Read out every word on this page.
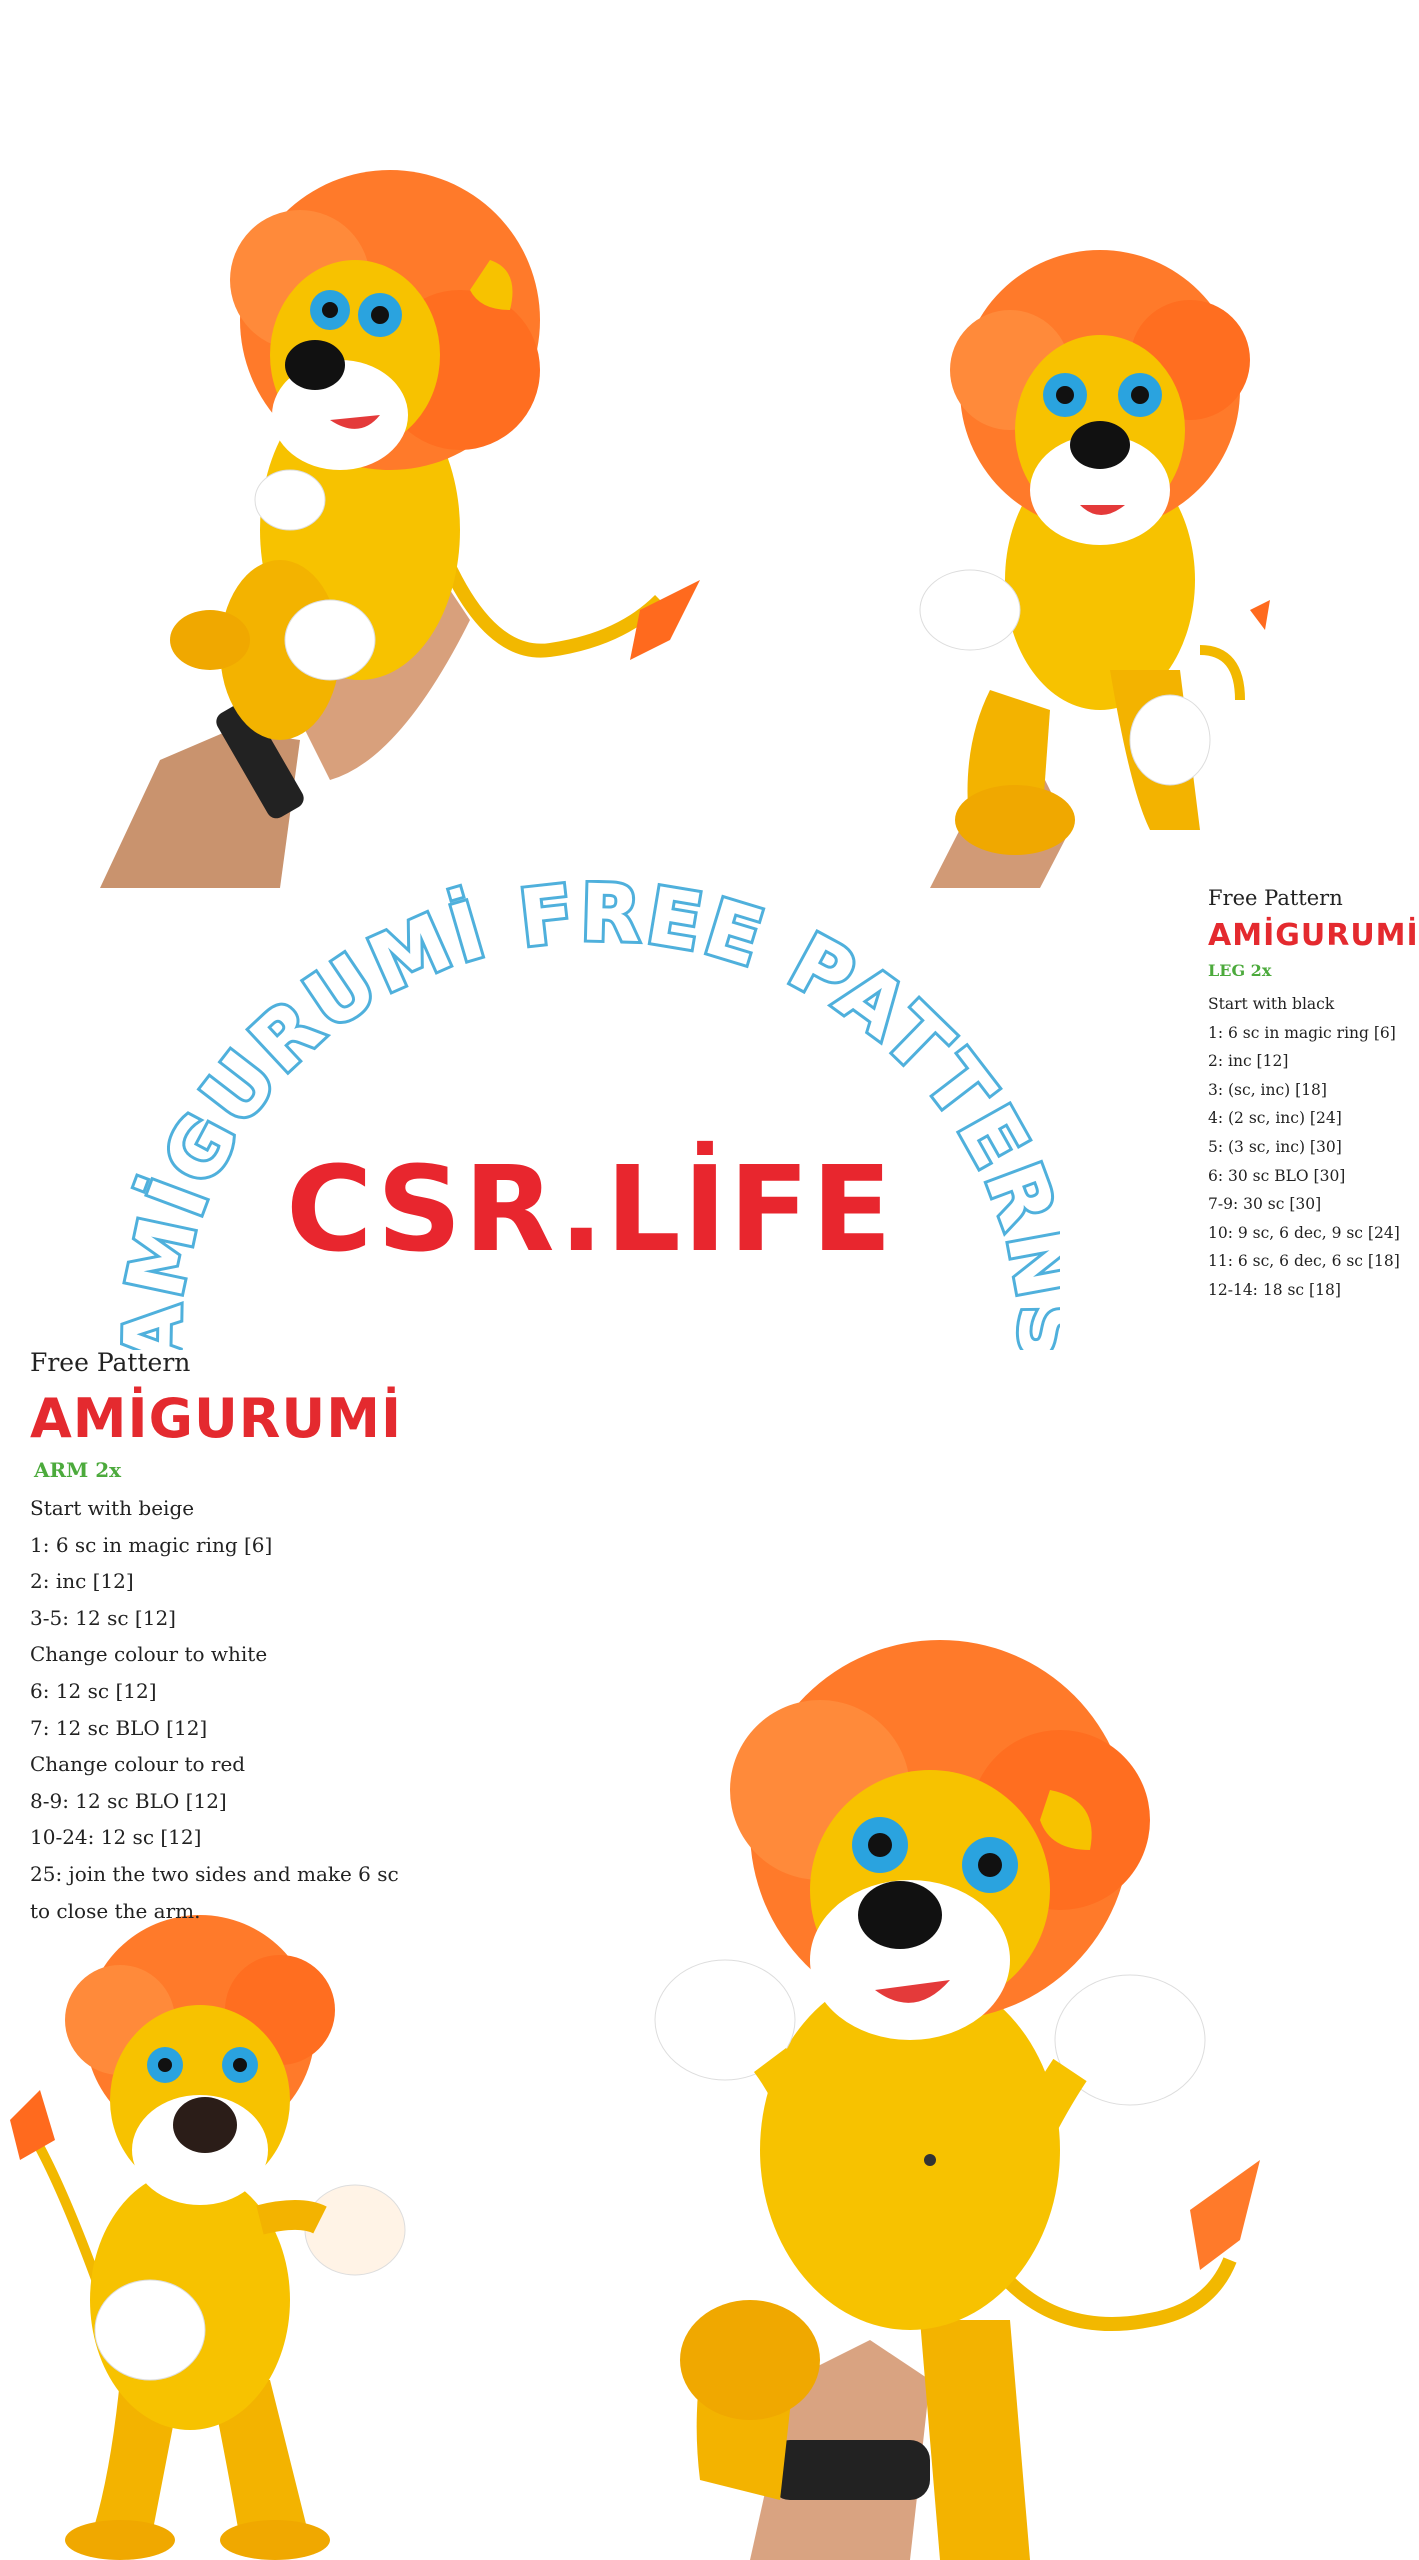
MİGURUMİ FREE PATTE
CSR.LİFE
Free Pattern
AMİGURUMİ
LEG 2x
Start with black
1: 6 sc in magic ring [6]
2: inc [12]
3: (sc, inc) [18]
4: (2 sc, inc) [24]
5: (3 sc, inc) [30]
6: 30 sc BLO [30]
7-9: 30 sc [30]
10: 9 sc, 6 dec, 9 sc [24]
11: 6 sc, 6 dec, 6 sc [18]
12-14: 18 sc [18]
Free Pattern
AMİGURUMİ
ARM 2x
Start with beige
1: 6 sc in magic ring [6]
2: inc [12]
3-5: 12 sc [12]
Change colour to white
6: 12 sc [12]
7: 12 sc BLO [12]
Change colour to red
8-9: 12 sc BLO [12]
10-24: 12 sc [12]
25: join the two sides and make 6 sc
to close the arm.
